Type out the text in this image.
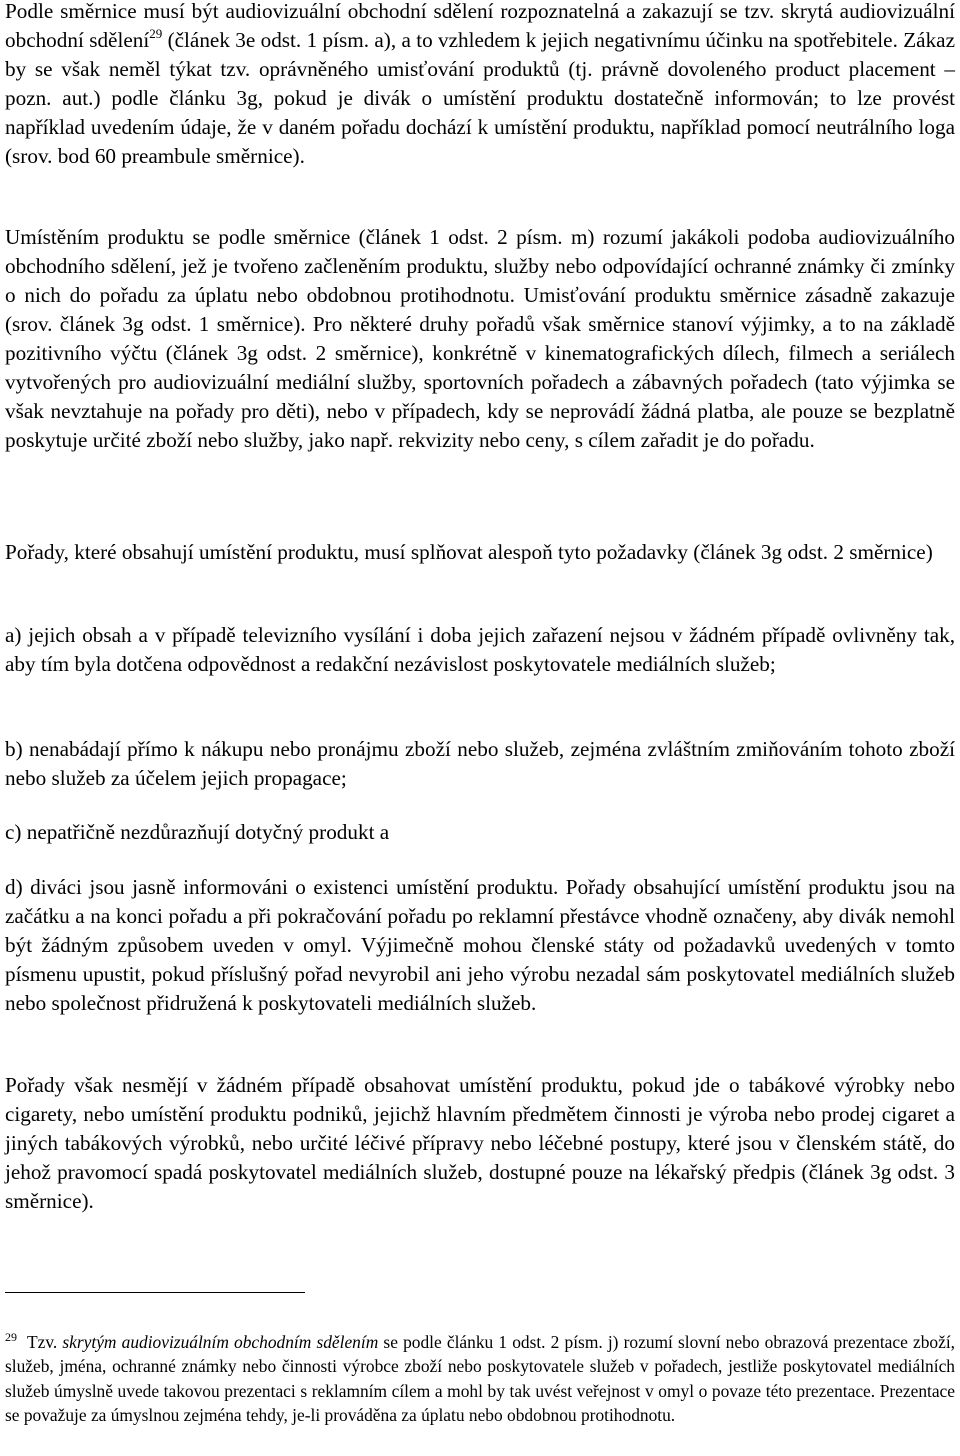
Podle směrnice musí být audiovizuální obchodní sdělení rozpoznatelná a zakazují se tzv. skrytá audiovizuální obchodní sdělení$^{29}$ (článek 3e odst. 1 písm. a), a to vzhledem k jejich negativnímu účinku na spotřebitele. Zákaz by se však neměl týkat tzv. oprávněného umisťování produktů (tj. právně dovoleného product placement – pozn. aut.) podle článku 3g, pokud je divák o umístění produktu dostatečně informován; to lze provést například uvedením údaje, že v daném pořadu dochází k umístění produktu, například pomocí neutrálního loga (srov. bod 60 preambule směrnice).

Umístěním produktu se podle směrnice (článek 1 odst. 2 písm. m) rozumí jakákoli podoba audiovizuálního obchodního sdělení, jež je tvořeno začleněním produktu, služby nebo odpovídající ochranné známky či zmínky o nich do pořadu za úplatu nebo obdobnou protihodnotu. Umisťování produktu směrnice zásadně zakazuje (srov. článek 3g odst. 1 směrnice). Pro některé druhy pořadů však směrnice stanoví výjimky, a to na základě pozitivního výčtu (článek 3g odst. 2 směrnice), konkrétně v kinematografických dílech, filmech a seriálech vytvořených pro audiovizuální mediální služby, sportovních pořadech a zábavných pořadech (tato výjimka se však nevztahuje na pořady pro děti), nebo v případech, kdy se neprovádí žádná platba, ale pouze se bezplatně poskytuje určité zboží nebo služby, jako např. rekvizity nebo ceny, s cílem zařadit je do pořadu.

Pořady, které obsahují umístění produktu, musí splňovat alespoň tyto požadavky (článek 3g odst. 2 směrnice)

a) jejich obsah a v případě televizního vysílání i doba jejich zařazení nejsou v žádném případě ovlivněny tak, aby tím byla dotčena odpovědnost a redakční nezávislost poskytovatele mediálních služeb;

b) nenabádají přímo k nákupu nebo pronájmu zboží nebo služeb, zejména zvláštním zmiňováním tohoto zboží nebo služeb za účelem jejich propagace;

c) nepatřičně nezdůrazňují dotyčný produkt a

d) diváci jsou jasně informováni o existenci umístění produktu. Pořady obsahující umístění produktu jsou na začátku a na konci pořadu a při pokračování pořadu po reklamní přestávce vhodně označeny, aby divák nemohl být žádným způsobem uveden v omyl. Výjimečně mohou členské státy od požadavků uvedených v tomto písmenu upustit, pokud příslušný pořad nevyrobil ani jeho výrobu nezadal sám poskytovatel mediálních služeb nebo společnost přidružená k poskytovateli mediálních služeb.

Pořady však nesmějí v žádném případě obsahovat umístění produktu, pokud jde o tabákové výrobky nebo cigarety, nebo umístění produktu podniků, jejichž hlavním předmětem činnosti je výroba nebo prodej cigaret a jiných tabákových výrobků, nebo určité léčivé přípravy nebo léčebné postupy, které jsou v členském státě, do jehož pravomocí spadá poskytovatel mediálních služeb, dostupné pouze na lékařský předpis (článek 3g odst. 3 směrnice).

$^{29}$ Tzv. skrytým audiovizuálním obchodním sdělením se podle článku 1 odst. 2 písm. j) rozumí slovní nebo obrazová prezentace zboží, služeb, jména, ochranné známky nebo činnosti výrobce zboží nebo poskytovatele služeb v pořadech, jestliže poskytovatel mediálních služeb úmyslně uvede takovou prezentaci s reklamním cílem a mohl by tak uvést veřejnost v omyl o povaze této prezentace. Prezentace se považuje za úmyslnou zejména tehdy, je-li prováděna za úplatu nebo obdobnou protihodnotu.
